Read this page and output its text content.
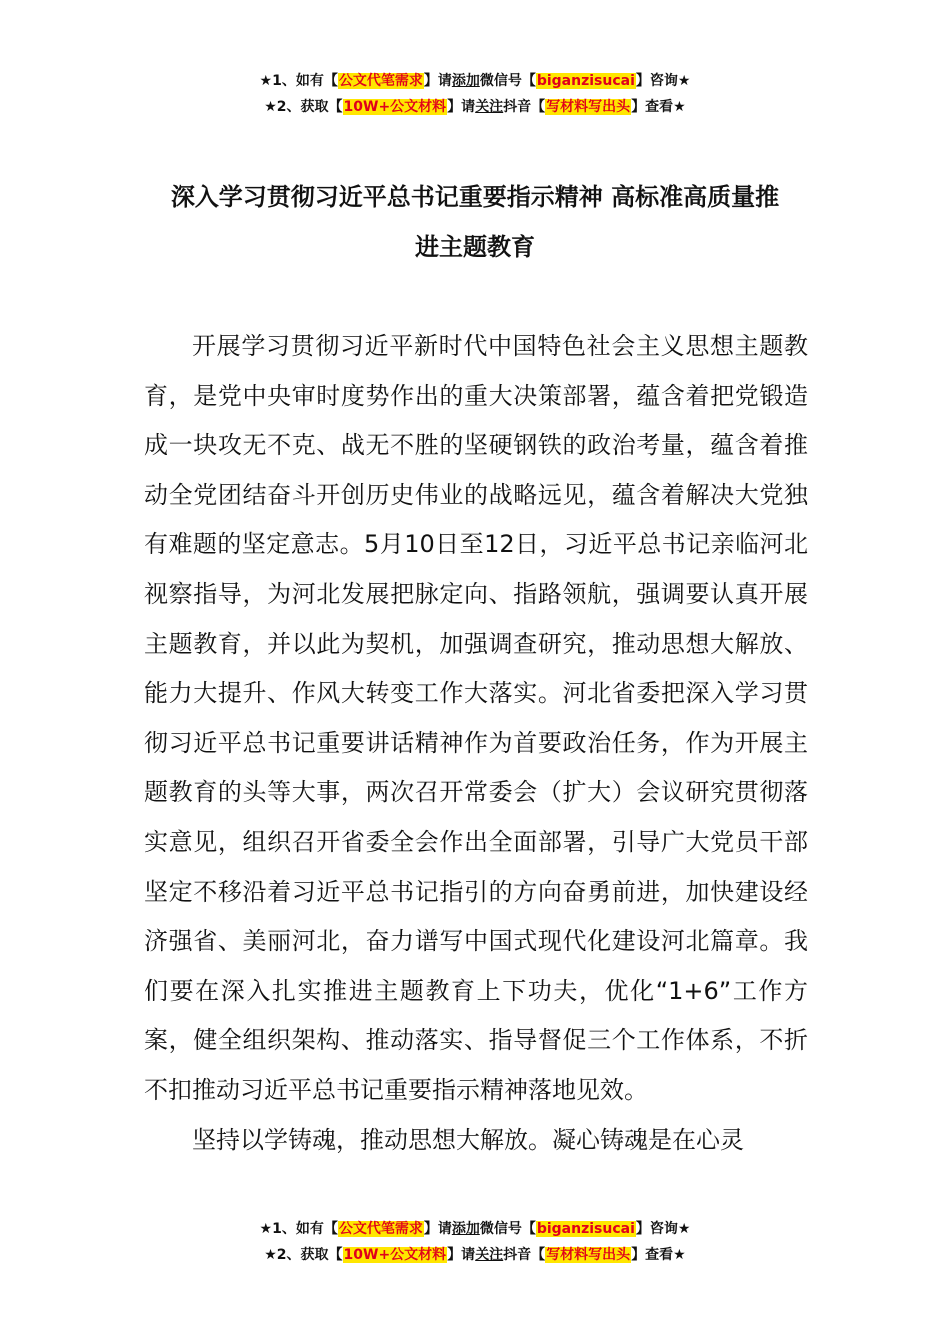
★1、如有【公文代笔需求】请添加微信号【biganzisucai】咨询★
★2、获取【10W+公文材料】请关注抖音【写材料写出头】查看★
深入学习贯彻习近平总书记重要指示精神 高标准高质量推
进主题教育

开展学习贯彻习近平新时代中国特色社会主义思想主题教育，是党中央审时度势作出的重大决策部署，蕴含着把党锻造成一块攻无不克、战无不胜的坚硬钢铁的政治考量，蕴含着推动全党团结奋斗开创历史伟业的战略远见，蕴含着解决大党独有难题的坚定意志。5月10日至12日，习近平总书记亲临河北视察指导，为河北发展把脉定向、指路领航，强调要认真开展主题教育，并以此为契机，加强调查研究，推动思想大解放、能力大提升、作风大转变工作大落实。河北省委把深入学习贯彻习近平总书记重要讲话精神作为首要政治任务，作为开展主题教育的头等大事，两次召开常委会（扩大）会议研究贯彻落实意见，组织召开省委全会作出全面部署，引导广大党员干部坚定不移沿着习近平总书记指引的方向奋勇前进，加快建设经济强省、美丽河北，奋力谱写中国式现代化建设河北篇章。我们要在深入扎实推进主题教育上下功夫，优化“1+6”工作方案，健全组织架构、推动落实、指导督促三个工作体系，不折不扣推动习近平总书记重要指示精神落地见效。

坚持以学铸魂，推动思想大解放。凝心铸魂是在心灵

★1、如有【公文代笔需求】请添加微信号【biganzisucai】咨询★
★2、获取【10W+公文材料】请关注抖音【写材料写出头】查看★
